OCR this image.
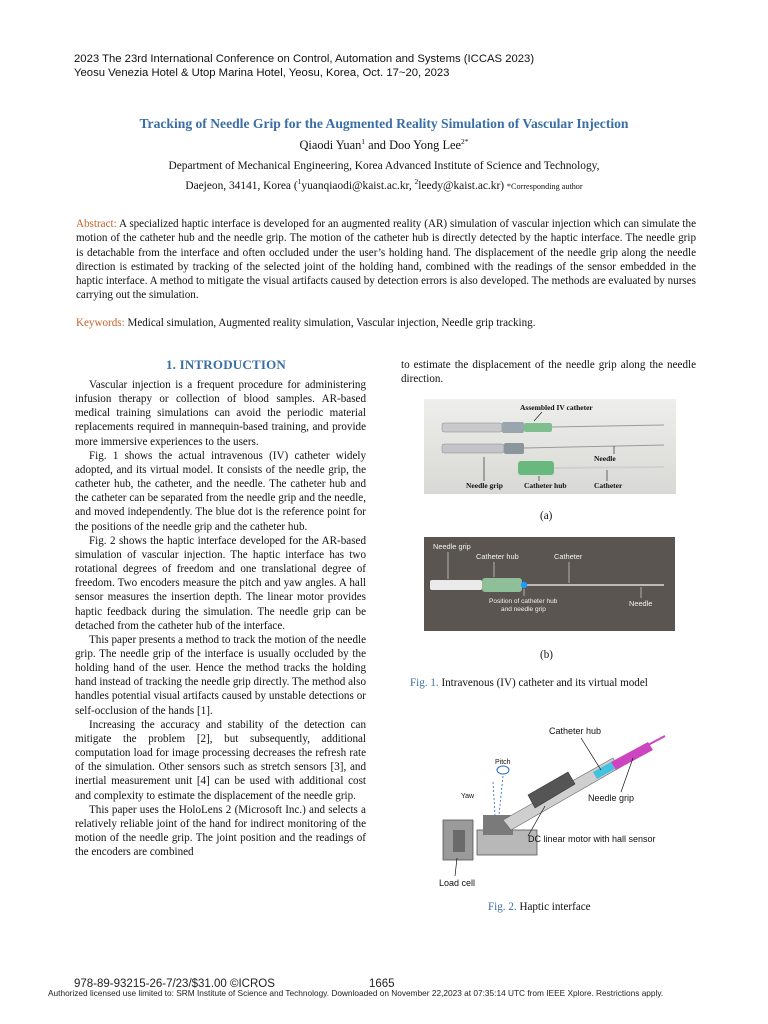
2023 The 23rd International Conference on Control, Automation and Systems (ICCAS 2023)
Yeosu Venezia Hotel & Utop Marina Hotel, Yeosu, Korea, Oct. 17~20, 2023
Tracking of Needle Grip for the Augmented Reality Simulation of Vascular Injection
Qiaodi Yuan$^1$ and Doo Yong Lee$^{2*}$
Department of Mechanical Engineering, Korea Advanced Institute of Science and Technology,
Daejeon, 34141, Korea ($^1$yuanqiaodi@kaist.ac.kr, $^2$leedy@kaist.ac.kr) *Corresponding author
Abstract: A specialized haptic interface is developed for an augmented reality (AR) simulation of vascular injection which can simulate the motion of the catheter hub and the needle grip. The motion of the catheter hub is directly detected by the haptic interface. The needle grip is detachable from the interface and often occluded under the user’s holding hand. The displacement of the needle grip along the needle direction is estimated by tracking of the selected joint of the holding hand, combined with the readings of the sensor embedded in the haptic interface. A method to mitigate the visual artifacts caused by detection errors is also developed. The methods are evaluated by nurses carrying out the simulation.
Keywords: Medical simulation, Augmented reality simulation, Vascular injection, Needle grip tracking.
1. INTRODUCTION

Vascular injection is a frequent procedure for administering infusion therapy or collection of blood samples. AR-based medical training simulations can avoid the periodic material replacements required in mannequin-based training, and provide more immersive experiences to the users.

Fig. 1 shows the actual intravenous (IV) catheter widely adopted, and its virtual model. It consists of the needle grip, the catheter hub, the catheter, and the needle. The catheter hub and the catheter can be separated from the needle grip and the needle, and moved independently. The blue dot is the reference point for the positions of the needle grip and the catheter hub.

Fig. 2 shows the haptic interface developed for the AR-based simulation of vascular injection. The haptic interface has two rotational degrees of freedom and one translational degree of freedom. Two encoders measure the pitch and yaw angles. A hall sensor measures the insertion depth. The linear motor provides haptic feedback during the simulation. The needle grip can be detached from the catheter hub of the interface.

This paper presents a method to track the motion of the needle grip. The needle grip of the interface is usually occluded by the holding hand of the user. Hence the method tracks the holding hand instead of tracking the needle grip directly. The method also handles potential visual artifacts caused by unstable detections or self-occlusion of the hands [1].

Increasing the accuracy and stability of the detection can mitigate the problem [2], but subsequently, additional computation load for image processing decreases the refresh rate of the simulation. Other sensors such as stretch sensors [3], and inertial measurement unit [4] can be used with additional cost and complexity to estimate the displacement of the needle grip.

This paper uses the HoloLens 2 (Microsoft Inc.) and selects a relatively reliable joint of the hand for indirect monitoring of the motion of the needle grip. The joint position and the readings of the encoders are combined

to estimate the displacement of the needle grip along the needle direction.

Assembled IV catheter
Needle
Needle grip	Catheter hub	Catheter
(a)
Needle grip
Catheter hub	Catheter
Position of catheter hub
and needle grip
Needle
(b)
Fig. 1. Intravenous (IV) catheter and its virtual model
Catheter hub
Pitch
Yaw	Needle grip
DC linear motor with hall sensor
Load cell
Fig. 2. Haptic interface
978-89-93215-26-7/23/$31.00 ©ICROS	1665
Authorized licensed use limited to: SRM Institute of Science and Technology. Downloaded on November 22,2023 at 07:35:14 UTC from IEEE Xplore. Restrictions apply.
